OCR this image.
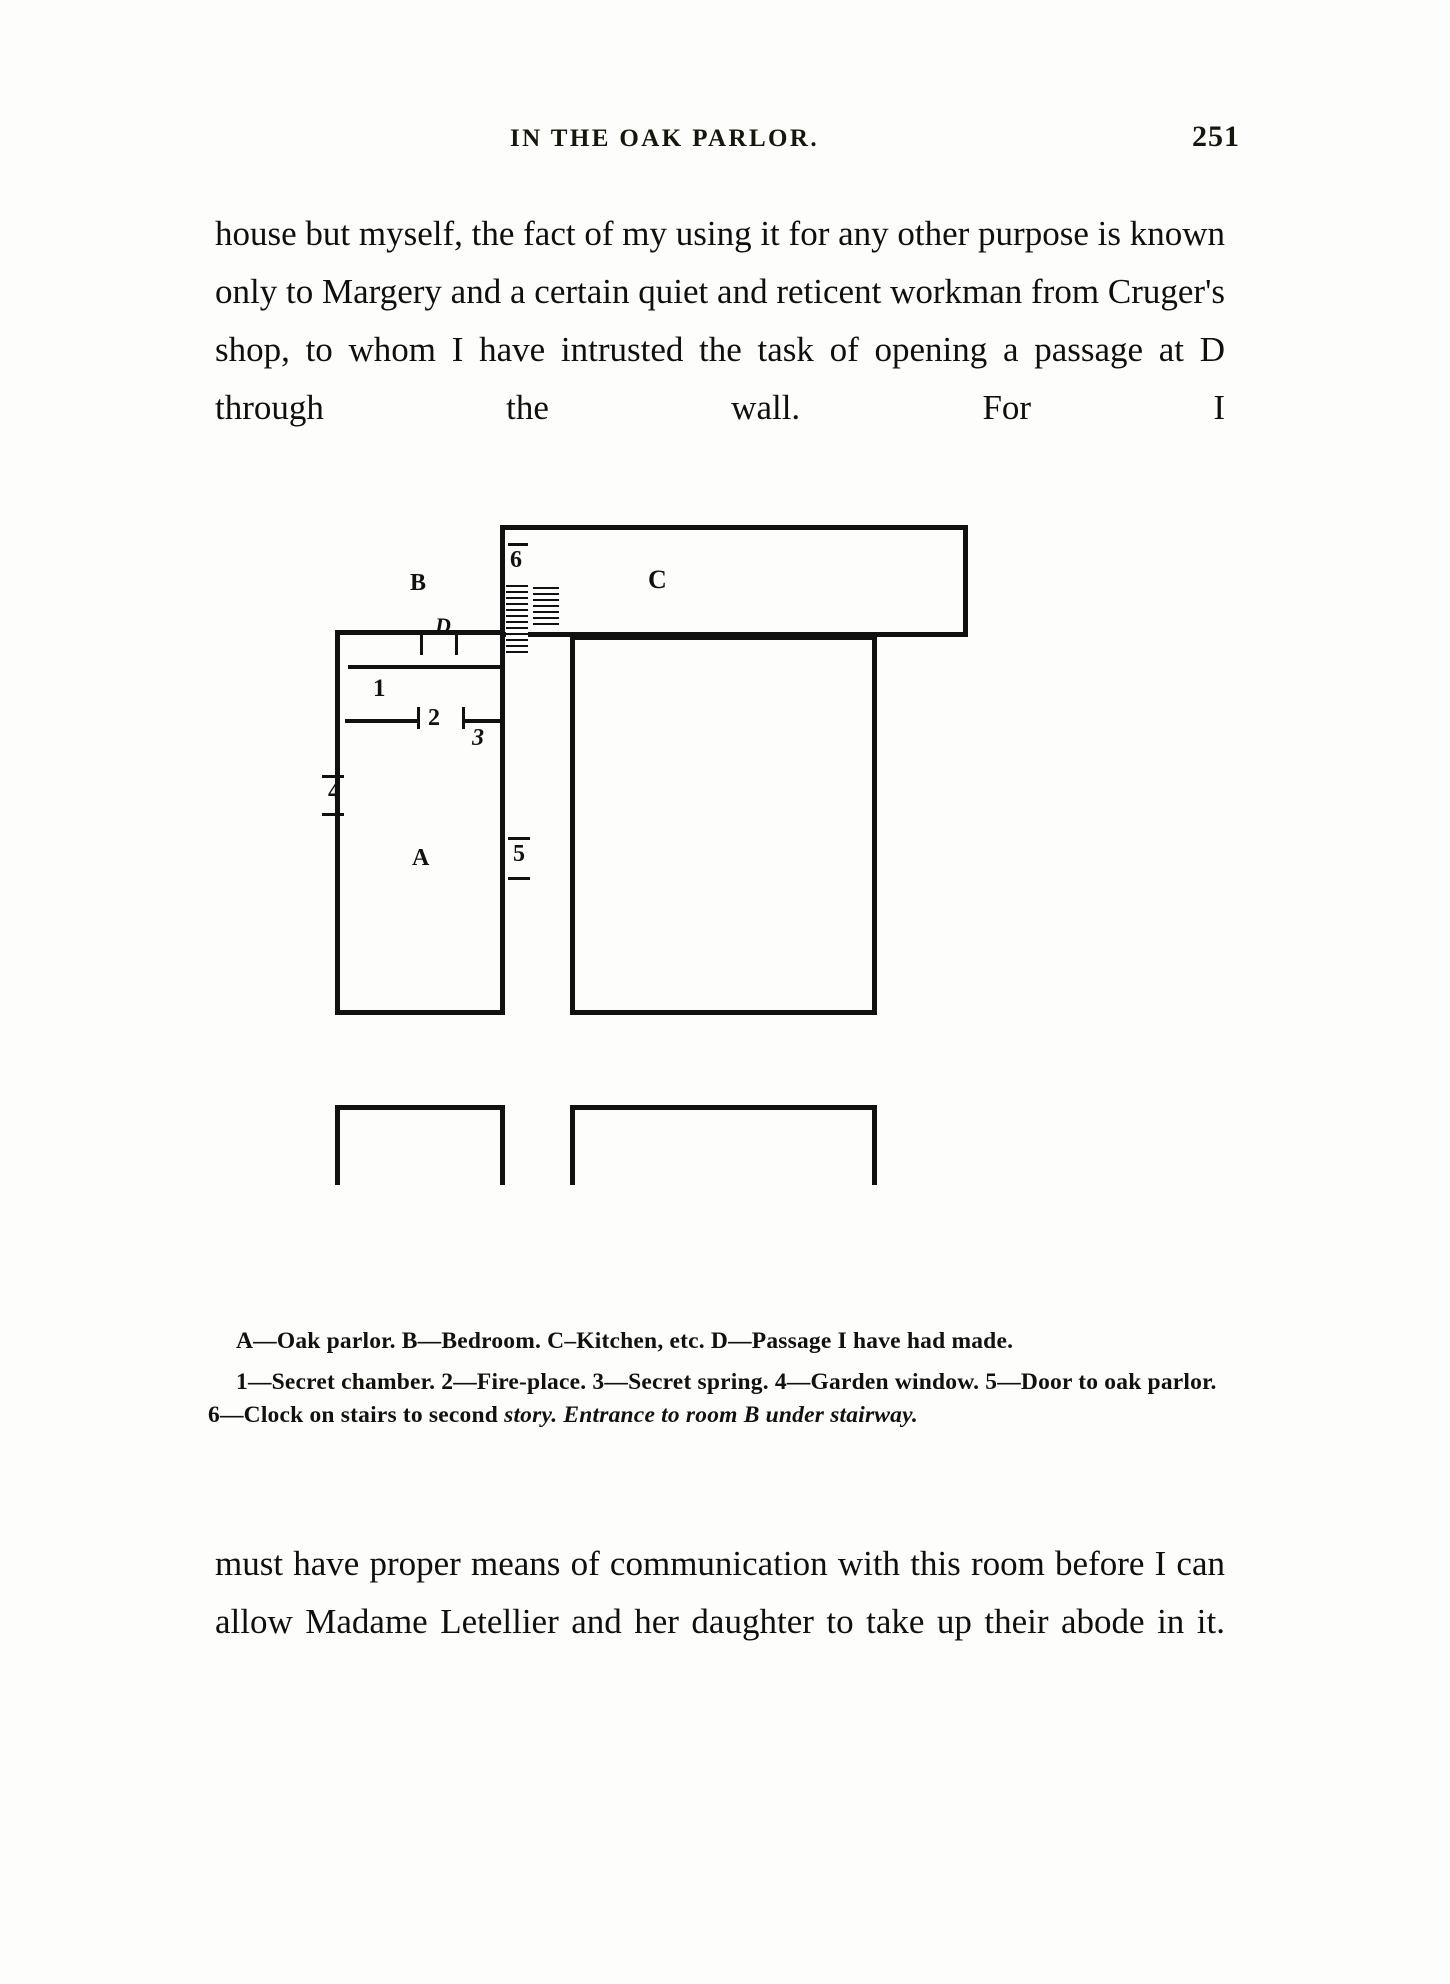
IN THE OAK PARLOR.	251

house but myself, the fact of my using it for any other purpose is known only to Margery and a certain quiet and reticent workman from Cruger's shop, to whom I have intrusted the task of opening a passage at D through the wall. For I

C
B
D
1
2
3
4
A	5
6
A—Oak parlor. B—Bedroom. C–Kitchen, etc. D—Passage I have had made.
1—Secret chamber. 2—Fire-place. 3—Secret spring. 4—Garden window. 5—Door to oak parlor. 6—Clock on stairs to second story. Entrance to room B under stairway.

must have proper means of communication with this room before I can allow Madame Letellier and her daughter to take up their abode in it.
